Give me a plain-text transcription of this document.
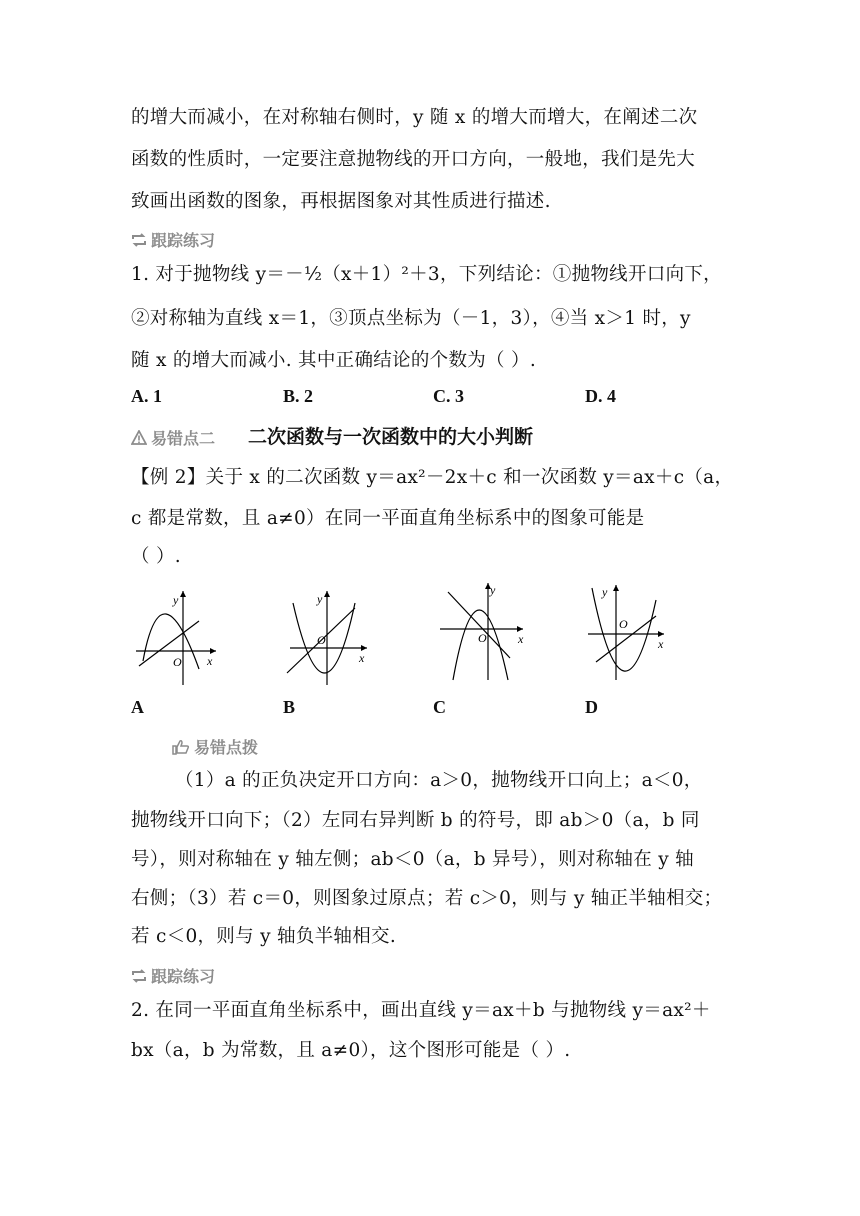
的增大而减小，在对称轴右侧时，y 随 x 的增大而增大，在阐述二次
函数的性质时，一定要注意抛物线的开口方向，一般地，我们是先大
致画出函数的图象，再根据图象对其性质进行描述.
跟踪练习
1. 对于抛物线 y＝－½（x＋1）²＋3，下列结论：①抛物线开口向下，
②对称轴为直线 x＝1，③顶点坐标为（－1，3），④当 x＞1 时，y
随 x 的增大而减小. 其中正确结论的个数为（ ）.
A. 1	B. 2	C. 3	D. 4
易错点二 二次函数与一次函数中的大小判断
【例 2】关于 x 的二次函数 y＝ax²－2x＋c 和一次函数 y＝ax＋c（a，
c 都是常数，且 a≠0）在同一平面直角坐标系中的图象可能是
（ ）.
y
x
O
y
x
O
y
x
O
y
x
O
A	B	C	D
易错点拨
（1）a 的正负决定开口方向：a＞0，抛物线开口向上；a＜0，
抛物线开口向下；（2）左同右异判断 b 的符号，即 ab＞0（a，b 同
号），则对称轴在 y 轴左侧；ab＜0（a，b 异号），则对称轴在 y 轴
右侧；（3）若 c＝0，则图象过原点；若 c＞0，则与 y 轴正半轴相交；
若 c＜0，则与 y 轴负半轴相交.
跟踪练习
2. 在同一平面直角坐标系中，画出直线 y＝ax＋b 与抛物线 y＝ax²＋
bx（a，b 为常数，且 a≠0），这个图形可能是（ ）.
